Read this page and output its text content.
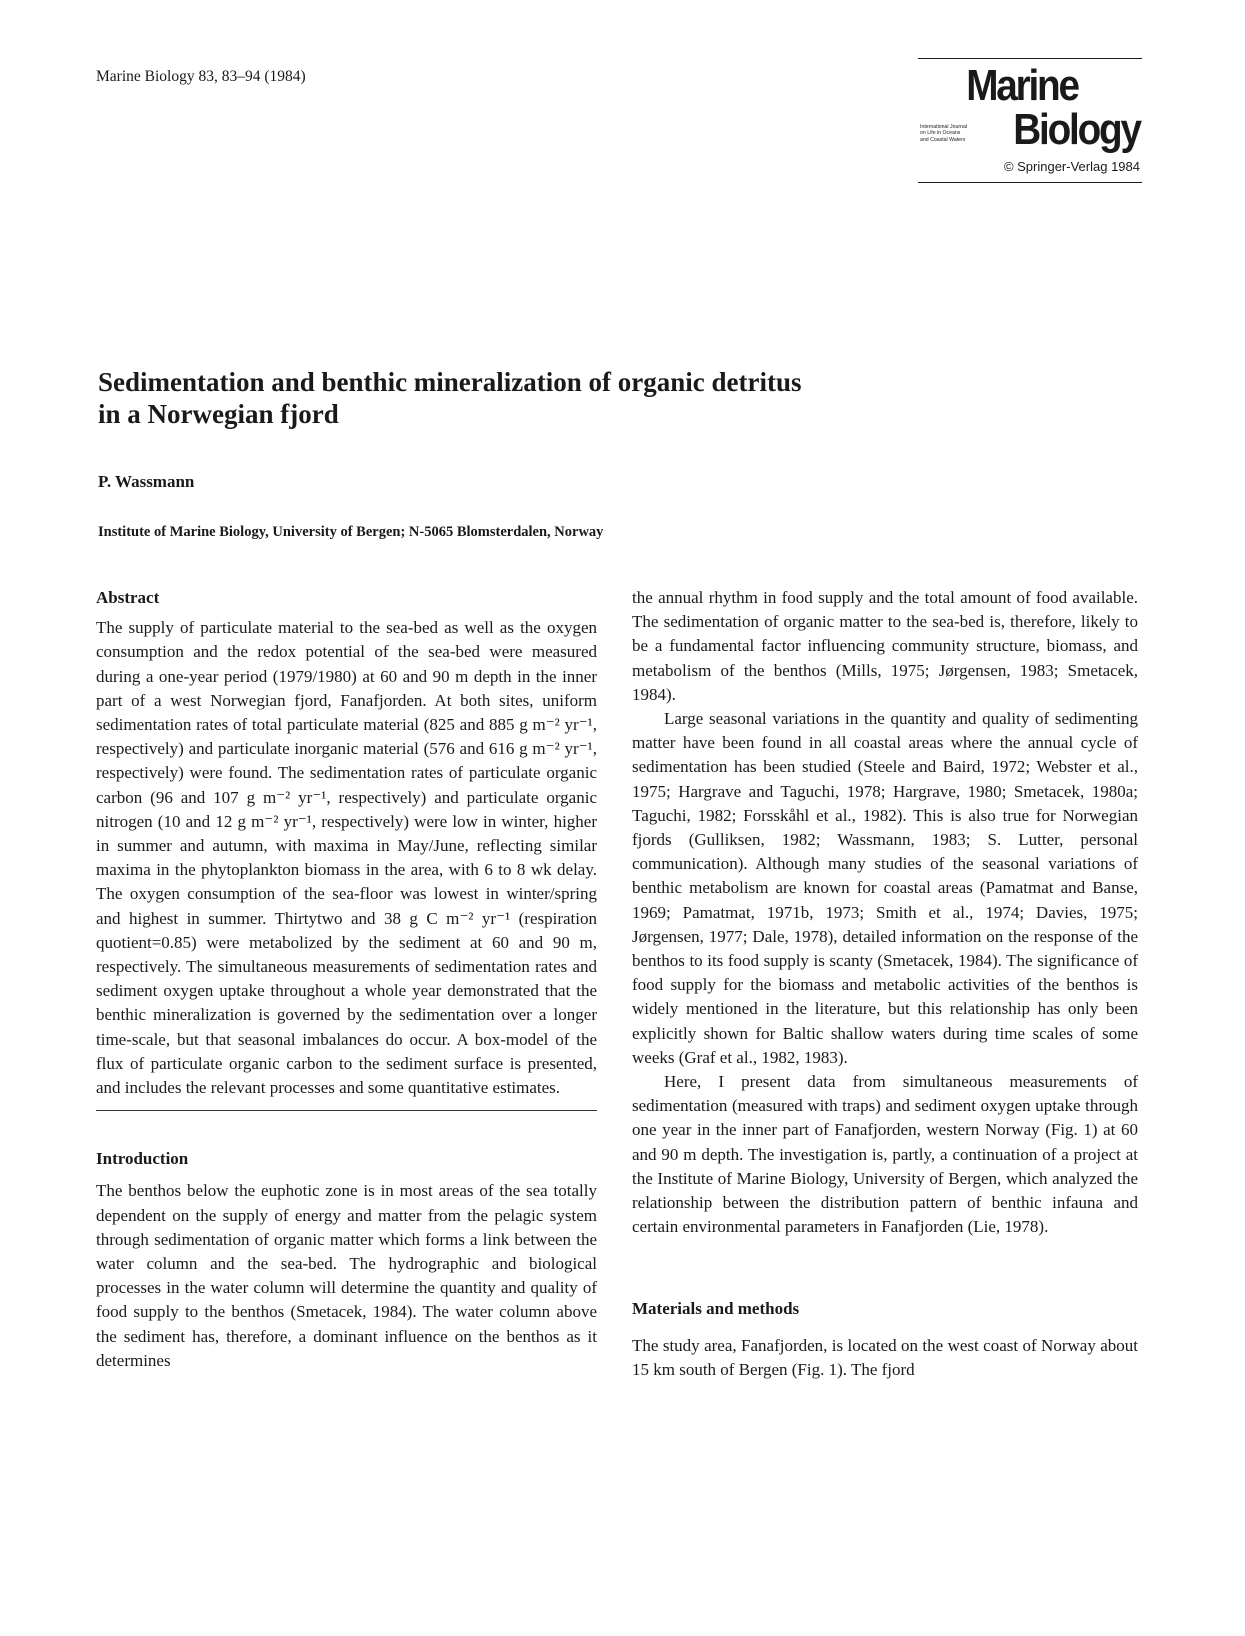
Marine Biology 83, 83–94 (1984)	Marine
International Journal
on Life in Oceans
and Coastal Waters Biology
© Springer-Verlag 1984
Sedimentation and benthic mineralization of organic detritus
in a Norwegian fjord
P. Wassmann
Institute of Marine Biology, University of Bergen; N-5065 Blomsterdalen, Norway
Abstract

The supply of particulate material to the sea-bed as well as the oxygen consumption and the redox potential of the sea-bed were measured during a one-year period (1979/1980) at 60 and 90 m depth in the inner part of a west Norwegian fjord, Fanafjorden. At both sites, uniform sedimentation rates of total particulate material (825 and 885 g m⁻² yr⁻¹, respectively) and particulate inorganic material (576 and 616 g m⁻² yr⁻¹, respectively) were found. The sedimentation rates of particulate organic carbon (96 and 107 g m⁻² yr⁻¹, respectively) and particulate organic nitrogen (10 and 12 g m⁻² yr⁻¹, respectively) were low in winter, higher in summer and autumn, with maxima in May/June, reflecting similar maxima in the phytoplankton biomass in the area, with 6 to 8 wk delay. The oxygen consumption of the sea-floor was lowest in winter/spring and highest in summer. Thirtytwo and 38 g C m⁻² yr⁻¹ (respiration quotient=0.85) were metabolized by the sediment at 60 and 90 m, respectively. The simultaneous measurements of sedimentation rates and sediment oxygen uptake throughout a whole year demonstrated that the benthic mineralization is governed by the sedimentation over a longer time-scale, but that seasonal imbalances do occur. A box-model of the flux of particulate organic carbon to the sediment surface is presented, and includes the relevant processes and some quantitative estimates.

Introduction

The benthos below the euphotic zone is in most areas of the sea totally dependent on the supply of energy and matter from the pelagic system through sedimentation of organic matter which forms a link between the water column and the sea-bed. The hydrographic and biological processes in the water column will determine the quantity and quality of food supply to the benthos (Smetacek, 1984). The water column above the sediment has, therefore, a dominant influence on the benthos as it determines

the annual rhythm in food supply and the total amount of food available. The sedimentation of organic matter to the sea-bed is, therefore, likely to be a fundamental factor influencing community structure, biomass, and metabolism of the benthos (Mills, 1975; Jørgensen, 1983; Smetacek, 1984).

Large seasonal variations in the quantity and quality of sedimenting matter have been found in all coastal areas where the annual cycle of sedimentation has been studied (Steele and Baird, 1972; Webster et al., 1975; Hargrave and Taguchi, 1978; Hargrave, 1980; Smetacek, 1980a; Taguchi, 1982; Forsskåhl et al., 1982). This is also true for Norwegian fjords (Gulliksen, 1982; Wassmann, 1983; S. Lutter, personal communication). Although many studies of the seasonal variations of benthic metabolism are known for coastal areas (Pamatmat and Banse, 1969; Pamatmat, 1971b, 1973; Smith et al., 1974; Davies, 1975; Jørgensen, 1977; Dale, 1978), detailed information on the response of the benthos to its food supply is scanty (Smetacek, 1984). The significance of food supply for the biomass and metabolic activities of the benthos is widely mentioned in the literature, but this relationship has only been explicitly shown for Baltic shallow waters during time scales of some weeks (Graf et al., 1982, 1983).

Here, I present data from simultaneous measurements of sedimentation (measured with traps) and sediment oxygen uptake through one year in the inner part of Fanafjorden, western Norway (Fig. 1) at 60 and 90 m depth. The investigation is, partly, a continuation of a project at the Institute of Marine Biology, University of Bergen, which analyzed the relationship between the distribution pattern of benthic infauna and certain environmental parameters in Fanafjorden (Lie, 1978).

Materials and methods

The study area, Fanafjorden, is located on the west coast of Norway about 15 km south of Bergen (Fig. 1). The fjord
